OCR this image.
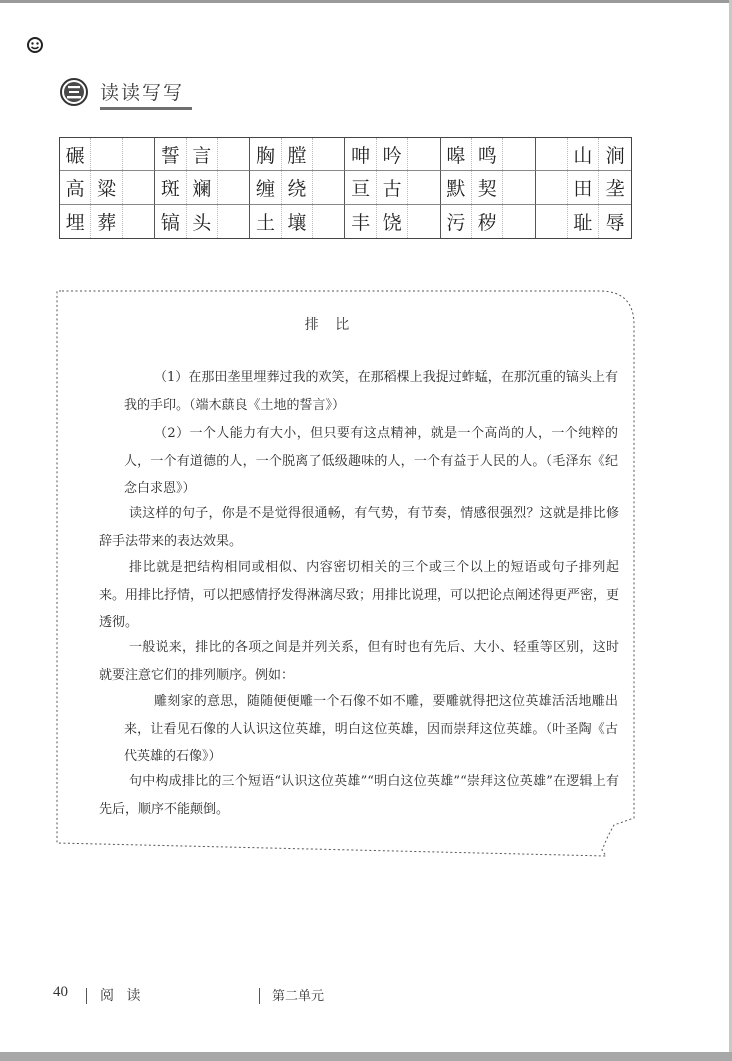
读读写写
碾	誓 言	胸 膛	呻 吟	嗥 鸣	山 涧
高 粱	斑 斓	缠 绕	亘 古	默 契	田 垄
埋 葬	镐 头	土 壤	丰 饶	污 秽	耻 辱
排 比

（1）在那田垄里埋葬过我的欢笑，在那稻棵上我捉过蚱蜢，在那沉重的镐头上有我的手印。（端木蕻良《土地的誓言》）

（2）一个人能力有大小，但只要有这点精神，就是一个高尚的人，一个纯粹的人，一个有道德的人，一个脱离了低级趣味的人，一个有益于人民的人。（毛泽东《纪念白求恩》）

读这样的句子，你是不是觉得很通畅，有气势，有节奏，情感很强烈？这就是排比修辞手法带来的表达效果。

排比就是把结构相同或相似、内容密切相关的三个或三个以上的短语或句子排列起来。用排比抒情，可以把感情抒发得淋漓尽致；用排比说理，可以把论点阐述得更严密，更透彻。

一般说来，排比的各项之间是并列关系，但有时也有先后、大小、轻重等区别，这时就要注意它们的排列顺序。例如：

雕刻家的意思，随随便便雕一个石像不如不雕，要雕就得把这位英雄活活地雕出来，让看见石像的人认识这位英雄，明白这位英雄，因而崇拜这位英雄。（叶圣陶《古代英雄的石像》）

句中构成排比的三个短语“认识这位英雄”“明白这位英雄”“崇拜这位英雄”在逻辑上有先后，顺序不能颠倒。

40 阅 读	第二单元
